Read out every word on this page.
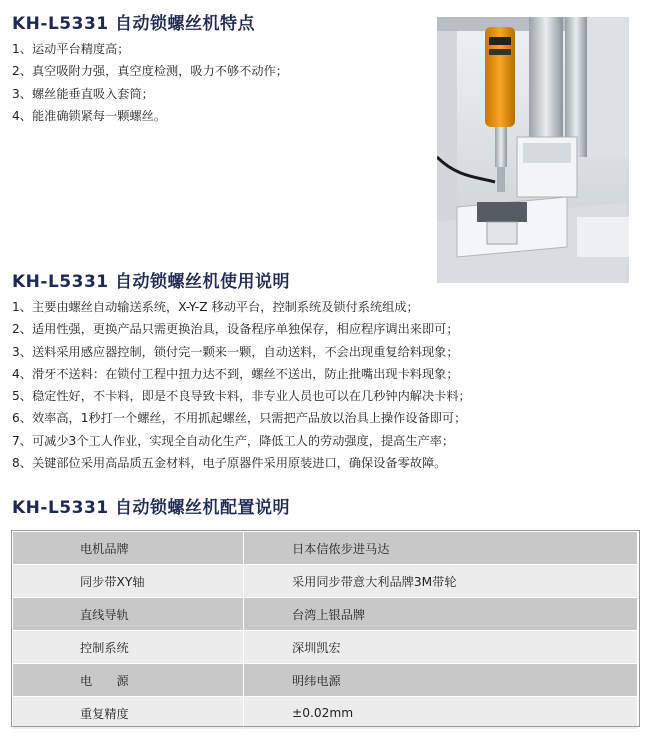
KH-L5331 自动锁螺丝机特点
1、运动平台精度高；
2、真空吸附力强，真空度检测，吸力不够不动作；
3、螺丝能垂直吸入套筒；
4、能准确锁紧每一颗螺丝。
KH-L5331 自动锁螺丝机使用说明
1、主要由螺丝自动输送系统，X-Y-Z 移动平台，控制系统及锁付系统组成；
2、适用性强，更换产品只需更换治具，设备程序单独保存，相应程序调出来即可；
3、送料采用感应器控制，锁付完一颗来一颗，自动送料，不会出现重复给料现象；
4、滑牙不送料：在锁付工程中扭力达不到，螺丝不送出，防止批嘴出现卡料现象；
5、稳定性好，不卡料，即是不良导致卡料，非专业人员也可以在几秒钟内解决卡料；
6、效率高，1秒打一个螺丝，不用抓起螺丝，只需把产品放以治具上操作设备即可；
7、可减少3个工人作业，实现全自动化生产，降低工人的劳动强度，提高生产率；
8、关键部位采用高品质五金材料，电子原器件采用原装进口，确保设备零故障。
KH-L5331 自动锁螺丝机配置说明
电机品牌	日本信侬步进马达
同步带XY轴	采用同步带意大利品牌3M带轮
直线导轨	台湾上银品牌
控制系统	深圳凯宏
电　　源	明纬电源
重复精度	±0.02mm
